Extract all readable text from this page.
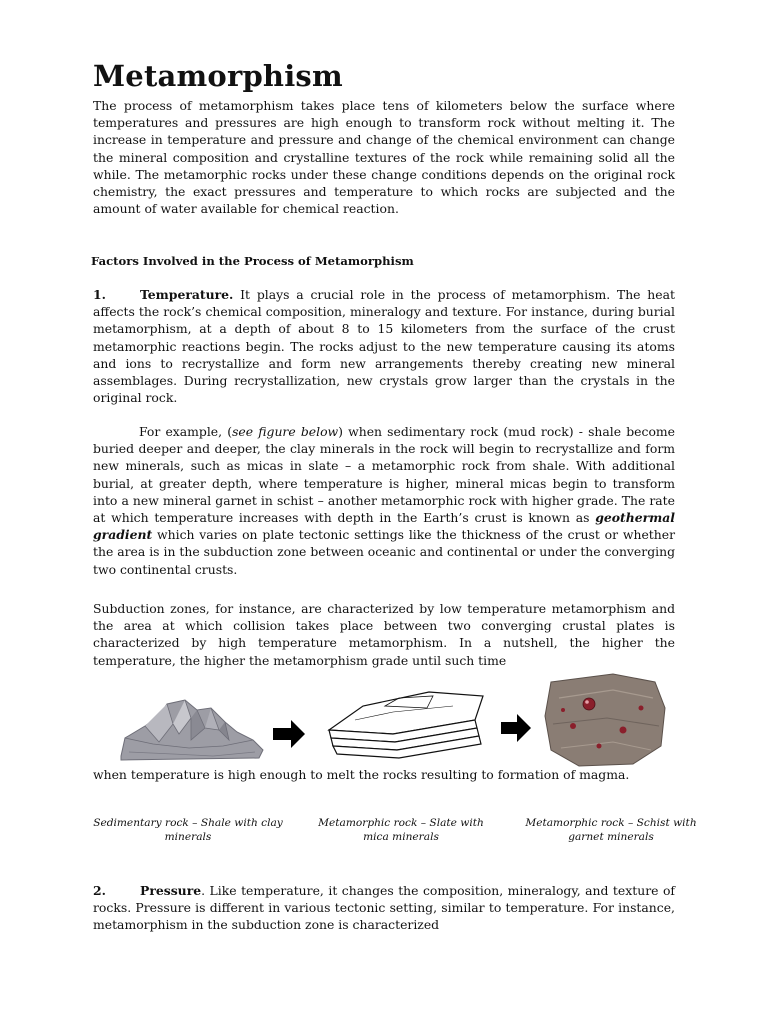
Metamorphism

The process of metamorphism takes place tens of kilometers below the surface where temperatures and pressures are high enough to transform rock without melting it. The increase in temperature and pressure and change of the chemical environment can change the mineral composition and crystalline textures of the rock while remaining solid all the while. The metamorphic rocks under these change conditions depends on the original rock chemistry, the exact pressures and temperature to which rocks are subjected and the amount of water available for chemical reaction.

Factors Involved in the Process of Metamorphism

1.	Temperature. It plays a crucial role in the process of metamorphism. The heat affects the rock’s chemical composition, mineralogy and texture. For instance, during burial metamorphism, at a depth of about 8 to 15 kilometers from the surface of the crust metamorphic reactions begin. The rocks adjust to the new temperature causing its atoms and ions to recrystallize and form new arrangements thereby creating new mineral assemblages. During recrystallization, new crystals grow larger than the crystals in the original rock.

For example, (see figure below) when sedimentary rock (mud rock) - shale become buried deeper and deeper, the clay minerals in the rock will begin to recrystallize and form new minerals, such as micas in slate – a metamorphic rock from shale. With additional burial, at greater depth, where temperature is higher, mineral micas begin to transform into a new mineral garnet in schist – another metamorphic rock with higher grade. The rate at which temperature increases with depth in the Earth’s crust is known as geothermal gradient which varies on plate tectonic settings like the thickness of the crust or whether the area is in the subduction zone between oceanic and continental or under the converging two continental crusts.

Subduction zones, for instance, are characterized by low temperature metamorphism and the area at which collision takes place between two converging crustal plates is characterized by high temperature metamorphism. In a nutshell, the higher the temperature, the higher the metamorphism grade until such time

when temperature is high enough to melt the rocks resulting to formation of magma.

Sedimentary rock – Shale with clay minerals

Metamorphic rock – Slate with mica minerals

Metamorphic rock – Schist with garnet minerals

2.	Pressure. Like temperature, it changes the composition, mineralogy, and texture of rocks. Pressure is different in various tectonic setting, similar to temperature. For instance, metamorphism in the subduction zone is characterized
